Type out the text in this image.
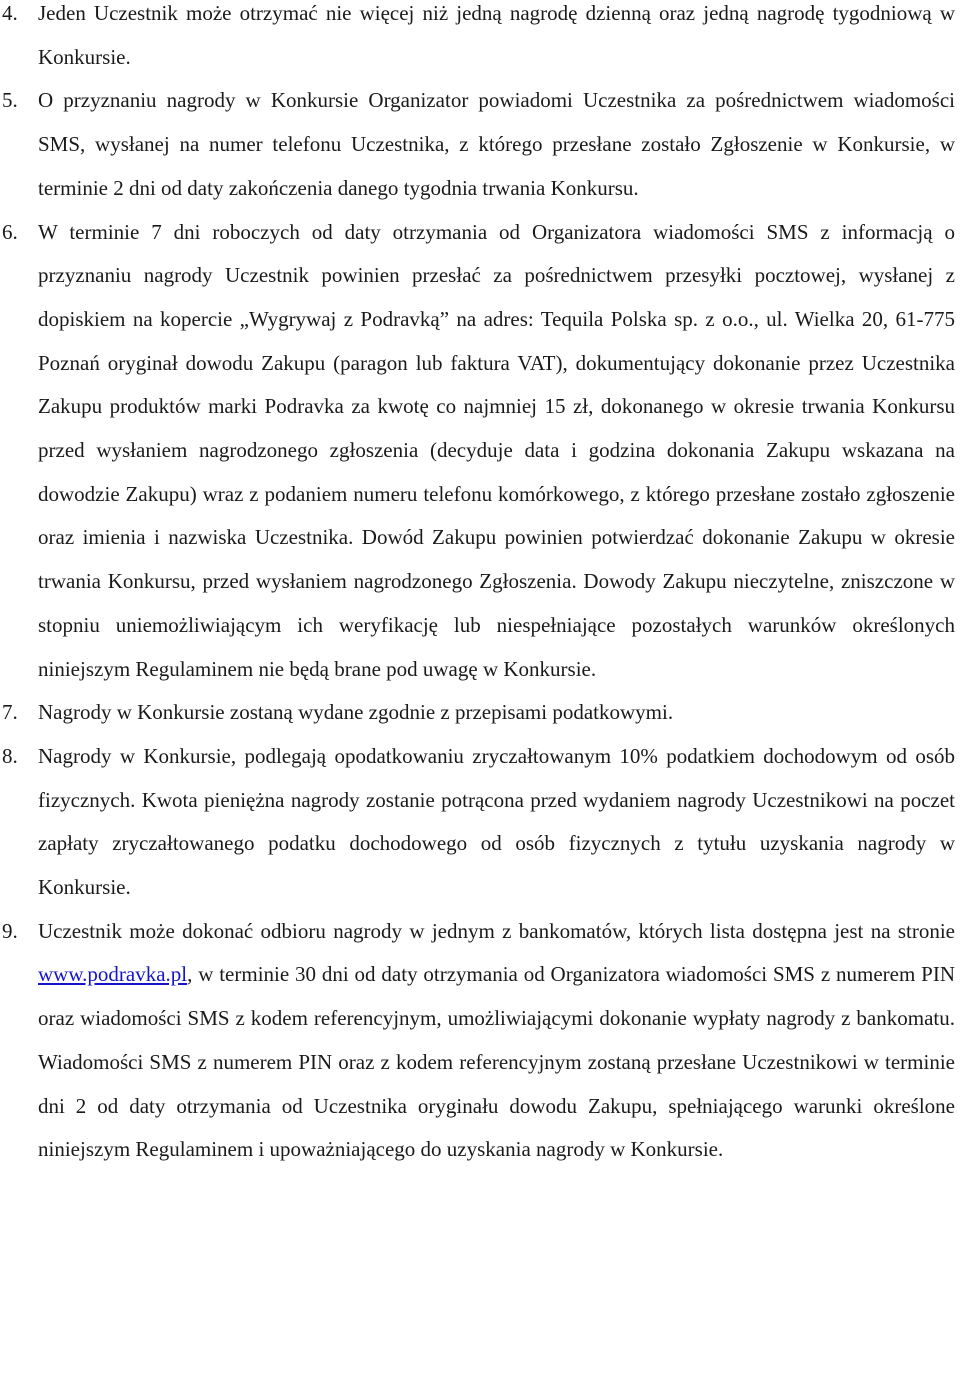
4. Jeden Uczestnik może otrzymać nie więcej niż jedną nagrodę dzienną oraz jedną nagrodę tygodniową w Konkursie.
5. O przyznaniu nagrody w Konkursie Organizator powiadomi Uczestnika za pośrednictwem wiadomości SMS, wysłanej na numer telefonu Uczestnika, z którego przesłane zostało Zgłoszenie w Konkursie, w terminie 2 dni od daty zakończenia danego tygodnia trwania Konkursu.
6. W terminie 7 dni roboczych od daty otrzymania od Organizatora wiadomości SMS z informacją o przyznaniu nagrody Uczestnik powinien przesłać za pośrednictwem przesyłki pocztowej, wysłanej z dopiskiem na kopercie „Wygrywaj z Podravką” na adres: Tequila Polska sp. z o.o., ul. Wielka 20, 61-775 Poznań oryginał dowodu Zakupu (paragon lub faktura VAT), dokumentujący dokonanie przez Uczestnika Zakupu produktów marki Podravka za kwotę co najmniej 15 zł, dokonanego w okresie trwania Konkursu przed wysłaniem nagrodzonego zgłoszenia (decyduje data i godzina dokonania Zakupu wskazana na dowodzie Zakupu) wraz z podaniem numeru telefonu komórkowego, z którego przesłane zostało zgłoszenie oraz imienia i nazwiska Uczestnika. Dowód Zakupu powinien potwierdzać dokonanie Zakupu w okresie trwania Konkursu, przed wysłaniem nagrodzonego Zgłoszenia. Dowody Zakupu nieczytelne, zniszczone w stopniu uniemożliwiającym ich weryfikację lub niespełniające pozostałych warunków określonych niniejszym Regulaminem nie będą brane pod uwagę w Konkursie.
7. Nagrody w Konkursie zostaną wydane zgodnie z przepisami podatkowymi.
8. Nagrody w Konkursie, podlegają opodatkowaniu zryczałtowanym 10% podatkiem dochodowym od osób fizycznych. Kwota pieniężna nagrody zostanie potrącona przed wydaniem nagrody Uczestnikowi na poczet zapłaty zryczałtowanego podatku dochodowego od osób fizycznych z tytułu uzyskania nagrody w Konkursie.
9. Uczestnik może dokonać odbioru nagrody w jednym z bankomatów, których lista dostępna jest na stronie www.podravka.pl, w terminie 30 dni od daty otrzymania od Organizatora wiadomości SMS z numerem PIN oraz wiadomości SMS z kodem referencyjnym, umożliwiającymi dokonanie wypłaty nagrody z bankomatu. Wiadomości SMS z numerem PIN oraz z kodem referencyjnym zostaną przesłane Uczestnikowi w terminie dni 2 od daty otrzymania od Uczestnika oryginału dowodu Zakupu, spełniającego warunki określone niniejszym Regulaminem i upoważniającego do uzyskania nagrody w Konkursie.
